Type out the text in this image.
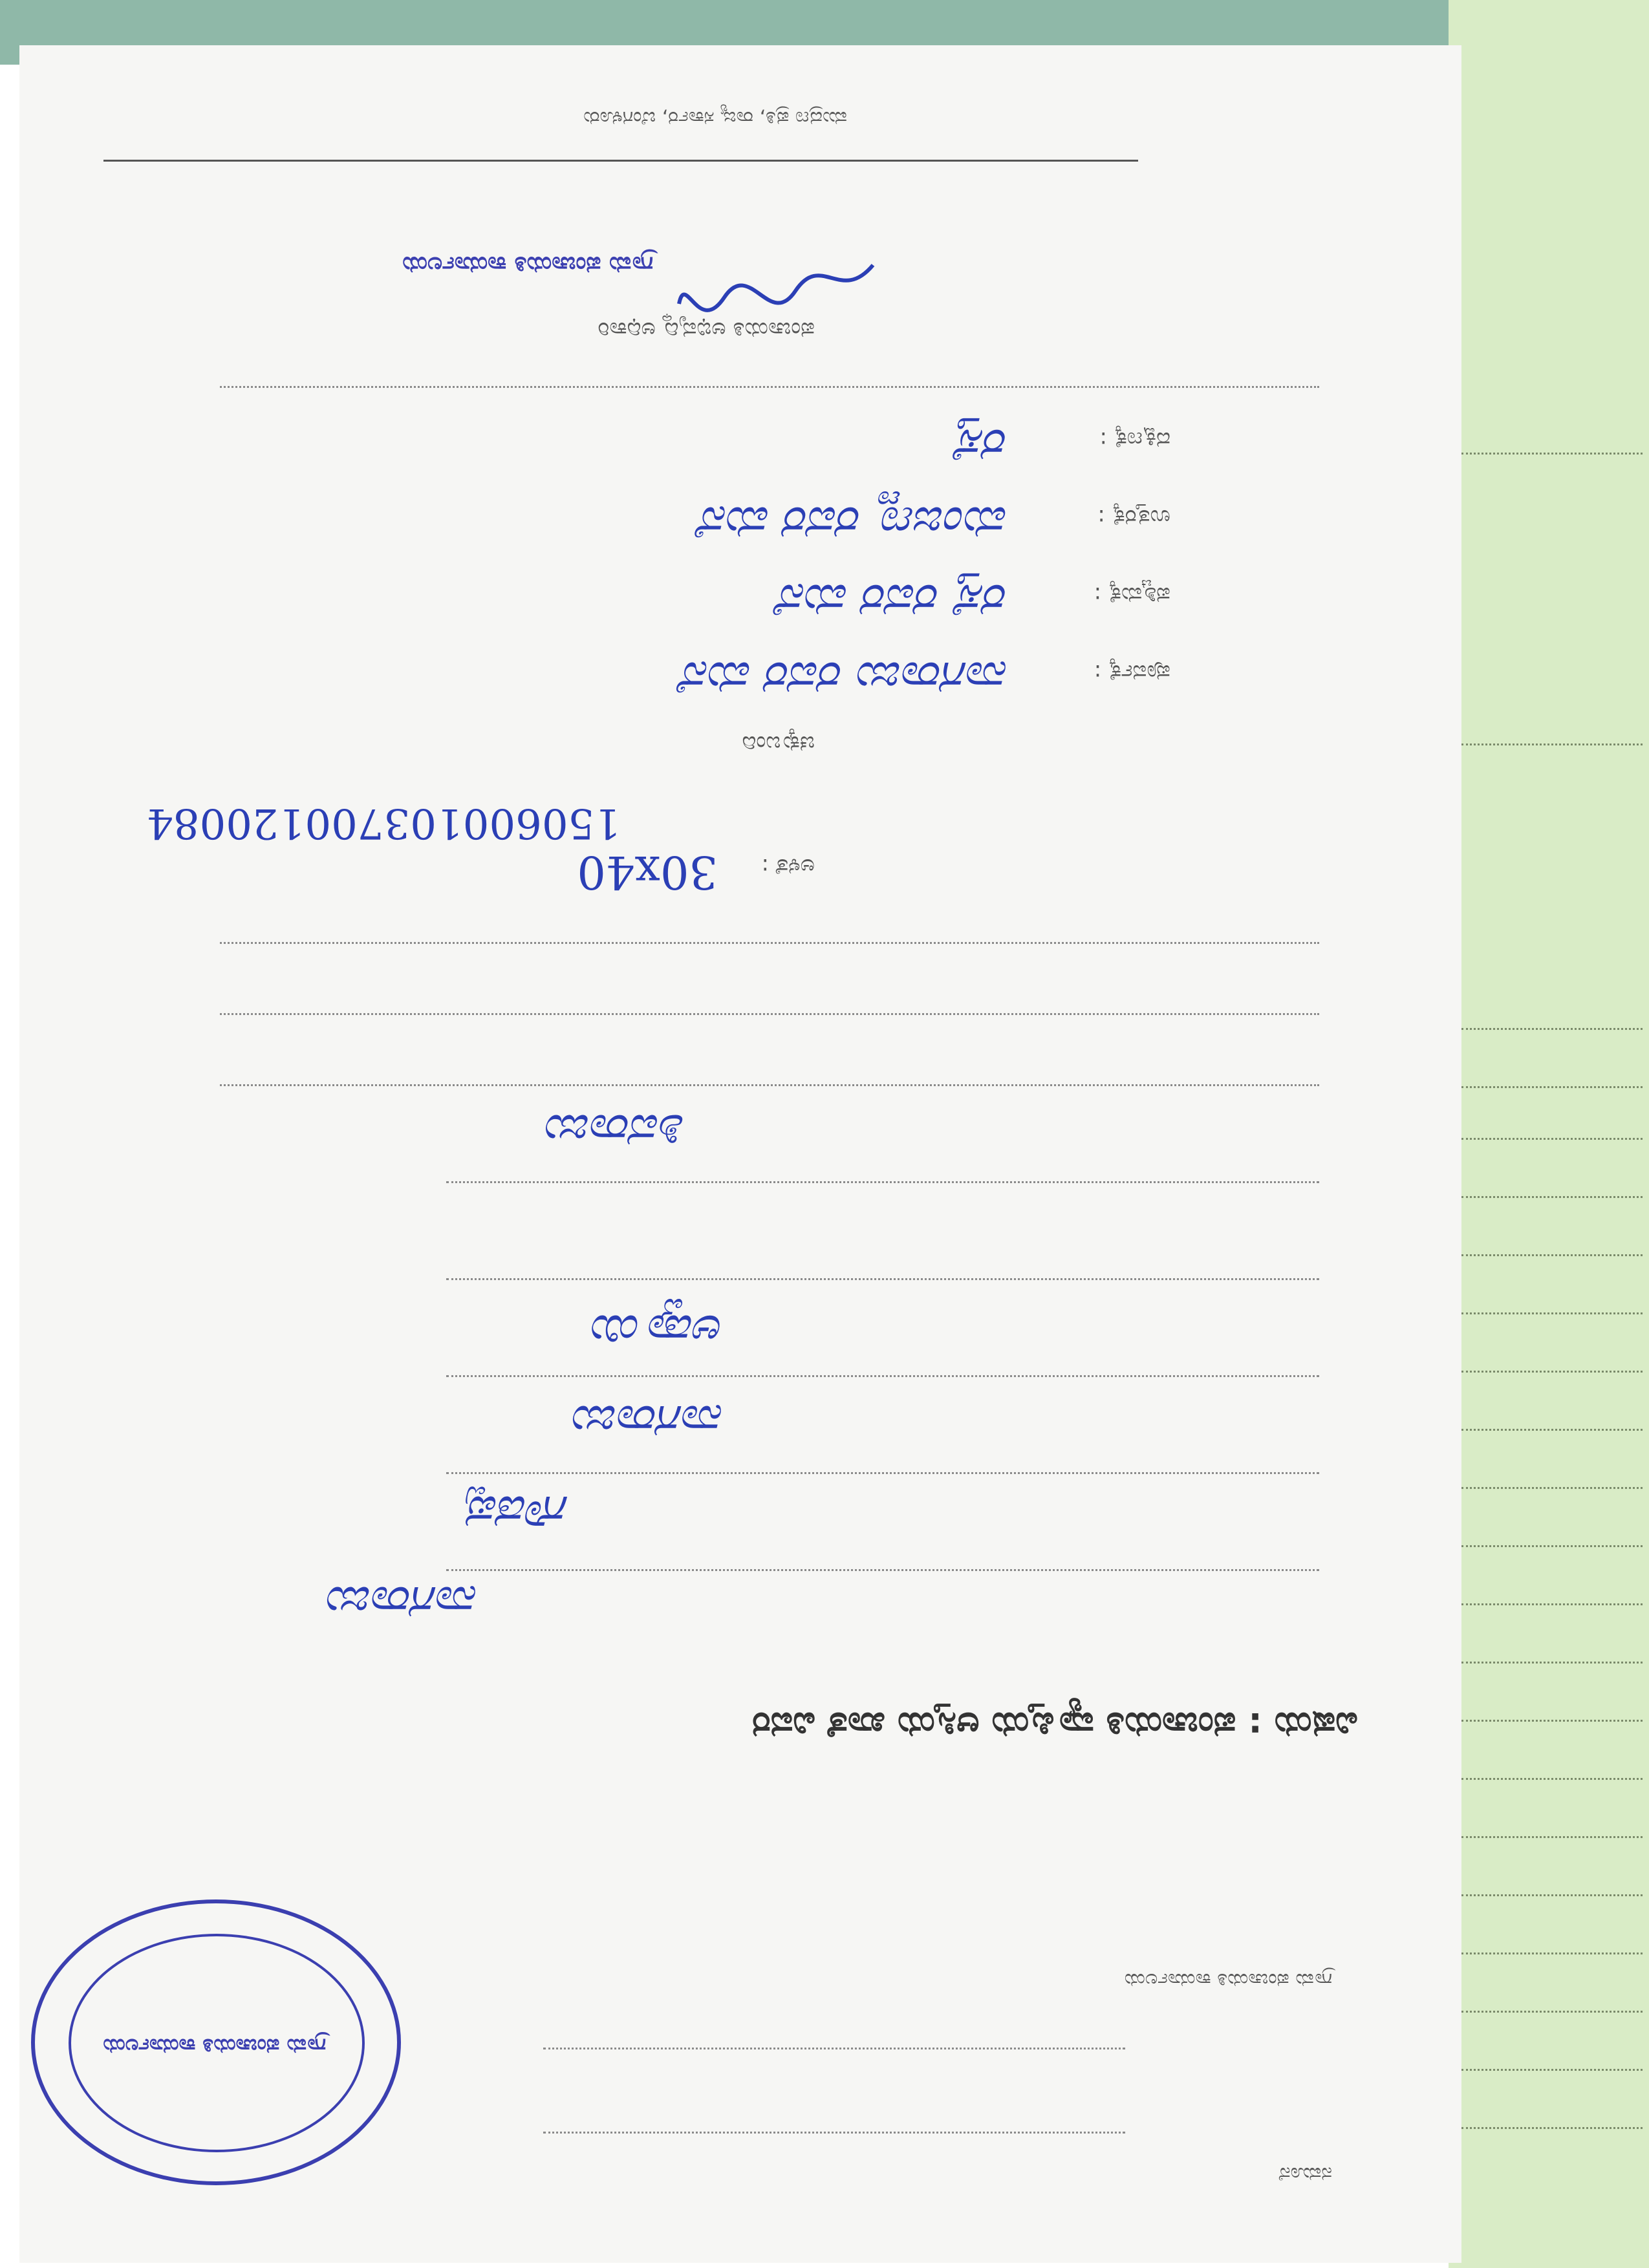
ನಮೂನೆ
ಗ್ರಾಮ ಪಂಚಾಯತಿ ಕಾರ್ಯಾಲಯ
ಗ್ರಾಮ ಪಂಚಾಯತಿ ಕಾರ್ಯಾಲಯ
ವಿಷಯ : ಪಂಚಾಯತಿ ವ್ಯಾಪ್ತಿಯ ಆಸ್ತಿಯ ಖಾತೆ ವಿವರ
ನಾಗರಾಜು
ಗೌಡಪ್ಪ
ನಾಗರಾಜು
ಅಡ್ವಾಯಿ
ಶಿವರಾಜು
ಅಳತೆ :
30x40
150600103700120084
ಚಕ್ಕುಬಂದಿ
ಪೂರ್ವಕ್ಕೆ :
ನಾಗರಾಜು ರವರ ಮನೆ
ಪಶ್ಚಿಮಕ್ಕೆ :
ರಸ್ತೆ ರವರ ಮನೆ
ಉತ್ತರಕ್ಕೆ :
ಮಂಜಣ್ಣ ರವರ ಮನೆ
ದಕ್ಷಿಣಕ್ಕೆ :
ರಸ್ತೆ
ಪಂಚಾಯತಿ ಅಭಿವೃದ್ಧಿ ಅಧಿಕಾರಿ
ಗ್ರಾಮ ಪಂಚಾಯತಿ ಕಾರ್ಯಾಲಯ
ಮುದ್ರಣ ಪ್ರತಿ, ರಾಜ್ಯ ಸರ್ಕಾರ, ಬೆಂಗಳೂರು
